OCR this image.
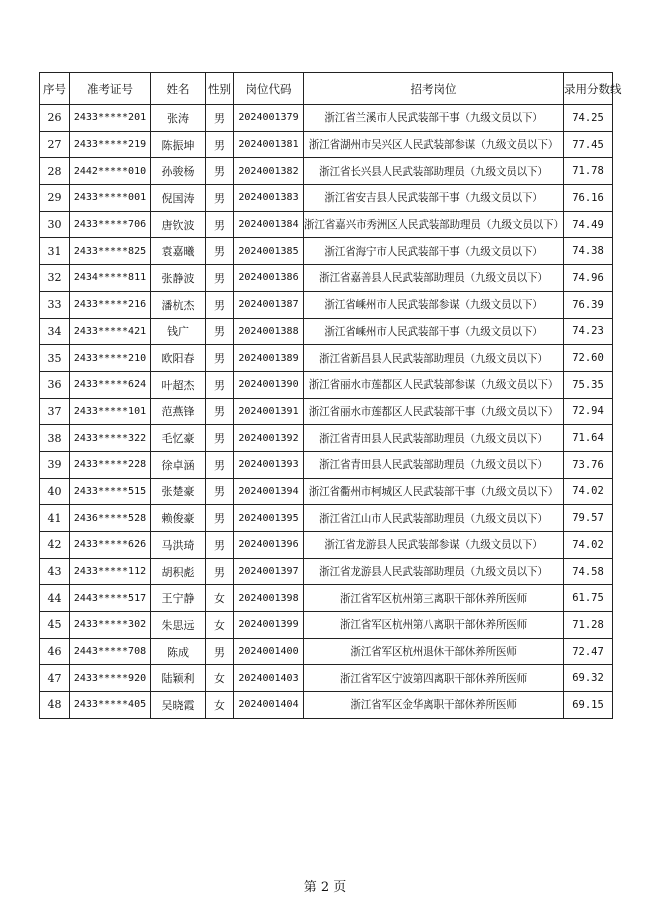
序号	准考证号	姓名	性别	岗位代码	招考岗位	录用分数线
26	2433*****201	张涛	男	2024001379	浙江省兰溪市人民武装部干事（九级文员以下）	74.25
27	2433*****219	陈振坤	男	2024001381	浙江省湖州市吴兴区人民武装部参谋（九级文员以下）	77.45
28	2442*****010	孙骏杨	男	2024001382	浙江省长兴县人民武装部助理员（九级文员以下）	71.78
29	2433*****001	倪国涛	男	2024001383	浙江省安吉县人民武装部干事（九级文员以下）	76.16
30	2433*****706	唐钦波	男	2024001384	浙江省嘉兴市秀洲区人民武装部助理员（九级文员以下）	74.49
31	2433*****825	袁嘉曦	男	2024001385	浙江省海宁市人民武装部干事（九级文员以下）	74.38
32	2434*****811	张静波	男	2024001386	浙江省嘉善县人民武装部助理员（九级文员以下）	74.96
33	2433*****216	潘杭杰	男	2024001387	浙江省嵊州市人民武装部参谋（九级文员以下）	76.39
34	2433*****421	钱广	男	2024001388	浙江省嵊州市人民武装部干事（九级文员以下）	74.23
35	2433*****210	欧阳春	男	2024001389	浙江省新昌县人民武装部助理员（九级文员以下）	72.60
36	2433*****624	叶超杰	男	2024001390	浙江省丽水市莲都区人民武装部参谋（九级文员以下）	75.35
37	2433*****101	范燕锋	男	2024001391	浙江省丽水市莲都区人民武装部干事（九级文员以下）	72.94
38	2433*****322	毛忆豪	男	2024001392	浙江省青田县人民武装部助理员（九级文员以下）	71.64
39	2433*****228	徐卓涵	男	2024001393	浙江省青田县人民武装部助理员（九级文员以下）	73.76
40	2433*****515	张楚豪	男	2024001394	浙江省衢州市柯城区人民武装部干事（九级文员以下）	74.02
41	2436*****528	赖俊豪	男	2024001395	浙江省江山市人民武装部助理员（九级文员以下）	79.57
42	2433*****626	马洪琦	男	2024001396	浙江省龙游县人民武装部参谋（九级文员以下）	74.02
43	2433*****112	胡积彪	男	2024001397	浙江省龙游县人民武装部助理员（九级文员以下）	74.58
44	2443*****517	王宁静	女	2024001398	浙江省军区杭州第三离职干部休养所医师	61.75
45	2433*****302	朱思远	女	2024001399	浙江省军区杭州第八离职干部休养所医师	71.28
46	2443*****708	陈成	男	2024001400	浙江省军区杭州退休干部休养所医师	72.47
47	2433*****920	陆颖利	女	2024001403	浙江省军区宁波第四离职干部休养所医师	69.32
48	2433*****405	吴晓霞	女	2024001404	浙江省军区金华离职干部休养所医师	69.15
第 2 页
